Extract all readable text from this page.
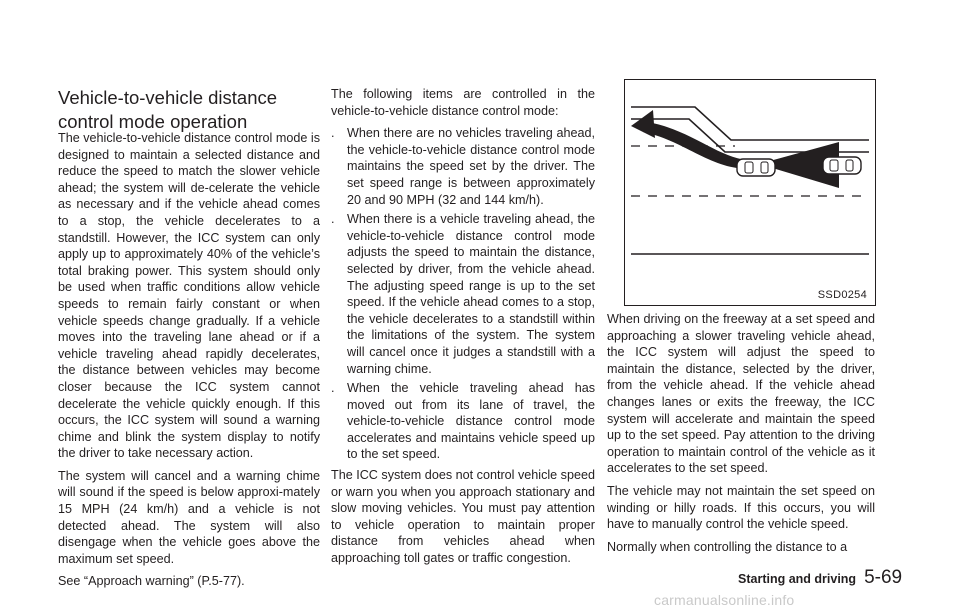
Vehicle-to-vehicle distance control mode operation

The vehicle-to-vehicle distance control mode is designed to maintain a selected distance and reduce the speed to match the slower vehicle ahead; the system will de-celerate the vehicle as necessary and if the vehicle ahead comes to a stop, the vehicle decelerates to a standstill. However, the ICC system can only apply up to approximately 40% of the vehicle’s total braking power. This system should only be used when traffic conditions allow vehicle speeds to remain fairly constant or when vehicle speeds change gradually. If a vehicle moves into the traveling lane ahead or if a vehicle traveling ahead rapidly decelerates, the distance between vehicles may become closer because the ICC system cannot decelerate the vehicle quickly enough. If this occurs, the ICC system will sound a warning chime and blink the system display to notify the driver to take necessary action.

The system will cancel and a warning chime will sound if the speed is below approxi-mately 15 MPH (24 km/h) and a vehicle is not detected ahead. The system will also disengage when the vehicle goes above the maximum set speed.

See “Approach warning” (P.5-77).

The following items are controlled in the vehicle-to-vehicle distance control mode:

. When there are no vehicles traveling ahead, the vehicle-to-vehicle distance control mode maintains the speed set by the driver. The set speed range is between approximately 20 and 90 MPH (32 and 144 km/h).
. When there is a vehicle traveling ahead, the vehicle-to-vehicle distance control mode adjusts the speed to maintain the distance, selected by driver, from the vehicle ahead. The adjusting speed range is up to the set speed. If the vehicle ahead comes to a stop, the vehicle decelerates to a standstill within the limitations of the system. The system will cancel once it judges a standstill with a warning chime.
. When the vehicle traveling ahead has moved out from its lane of travel, the vehicle-to-vehicle distance control mode accelerates and maintains vehicle speed up to the set speed.

The ICC system does not control vehicle speed or warn you when you approach stationary and slow moving vehicles. You must pay attention to vehicle operation to maintain proper distance from vehicles ahead when approaching toll gates or traffic congestion.

SSD0254

When driving on the freeway at a set speed and approaching a slower traveling vehicle ahead, the ICC system will adjust the speed to maintain the distance, selected by the driver, from the vehicle ahead. If the vehicle ahead changes lanes or exits the freeway, the ICC system will accelerate and maintain the speed up to the set speed. Pay attention to the driving operation to maintain control of the vehicle as it accelerates to the set speed.

The vehicle may not maintain the set speed on winding or hilly roads. If this occurs, you will have to manually control the vehicle speed.

Normally when controlling the distance to a

Starting and driving 5-69
carmanualsonline.info
